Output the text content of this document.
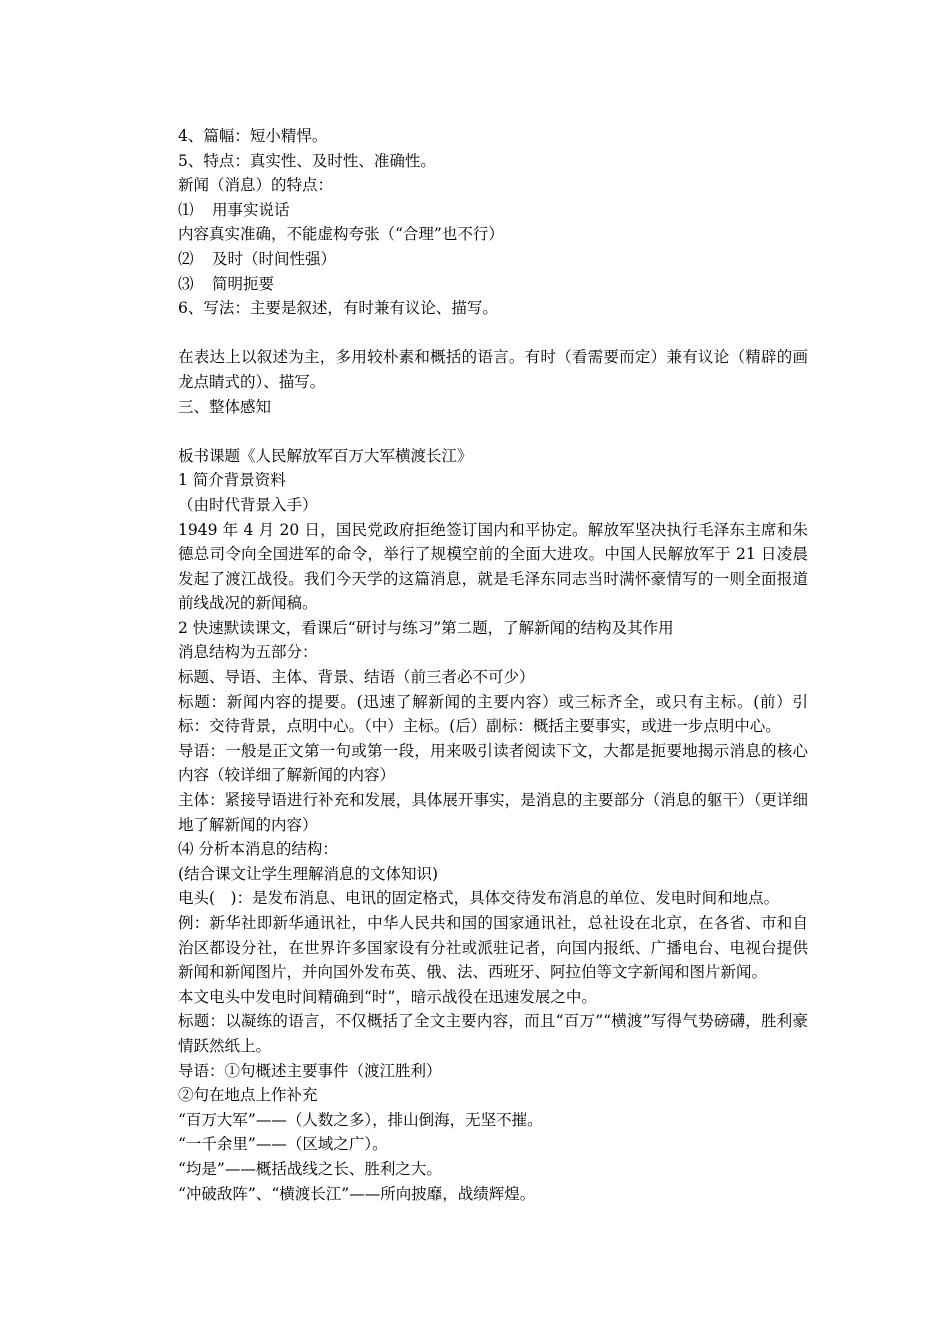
4、篇幅：短小精悍。
5、特点：真实性、及时性、准确性。
新闻（消息）的特点：
⑴ 用事实说话
内容真实准确，不能虚构夸张（“合理”也不行）
⑵ 及时（时间性强）
⑶ 简明扼要
6、写法：主要是叙述，有时兼有议论、描写。
在表达上以叙述为主，多用较朴素和概括的语言。有时（看需要而定）兼有议论（精辟的画龙点睛式的）、描写。
三、整体感知
板书课题《人民解放军百万大军横渡长江》
1 简介背景资料
（由时代背景入手）
1949 年 4 月 20 日，国民党政府拒绝签订国内和平协定。解放军坚决执行毛泽东主席和朱德总司令向全国进军的命令，举行了规模空前的全面大进攻。中国人民解放军于 21 日凌晨发起了渡江战役。我们今天学的这篇消息，就是毛泽东同志当时满怀豪情写的一则全面报道前线战况的新闻稿。
2 快速默读课文，看课后“研讨与练习”第二题，了解新闻的结构及其作用
消息结构为五部分：
标题、导语、主体、背景、结语（前三者必不可少）
标题：新闻内容的提要。(迅速了解新闻的主要内容）或三标齐全，或只有主标。(前）引标：交待背景，点明中心。（中）主标。(后）副标：概括主要事实，或进一步点明中心。
导语：一般是正文第一句或第一段，用来吸引读者阅读下文，大都是扼要地揭示消息的核心内容（较详细了解新闻的内容）
主体：紧接导语进行补充和发展，具体展开事实，是消息的主要部分（消息的躯干）（更详细地了解新闻的内容）
⑷ 分析本消息的结构：
(结合课文让学生理解消息的文体知识)
电头(　)：是发布消息、电讯的固定格式，具体交待发布消息的单位、发电时间和地点。
例：新华社即新华通讯社，中华人民共和国的国家通讯社，总社设在北京，在各省、市和自治区都设分社，在世界许多国家设有分社或派驻记者，向国内报纸、广播电台、电视台提供新闻和新闻图片，并向国外发布英、俄、法、西班牙、阿拉伯等文字新闻和图片新闻。
本文电头中发电时间精确到“时”，暗示战役在迅速发展之中。
标题：以凝练的语言，不仅概括了全文主要内容，而且“百万”“横渡”写得气势磅礴，胜利豪情跃然纸上。
导语：①句概述主要事件（渡江胜利）
②句在地点上作补充
“百万大军”——（人数之多），排山倒海，无坚不摧。
“一千余里”——（区域之广）。
“均是”——概括战线之长、胜利之大。
“冲破敌阵”、“横渡长江”——所向披靡，战绩辉煌。
